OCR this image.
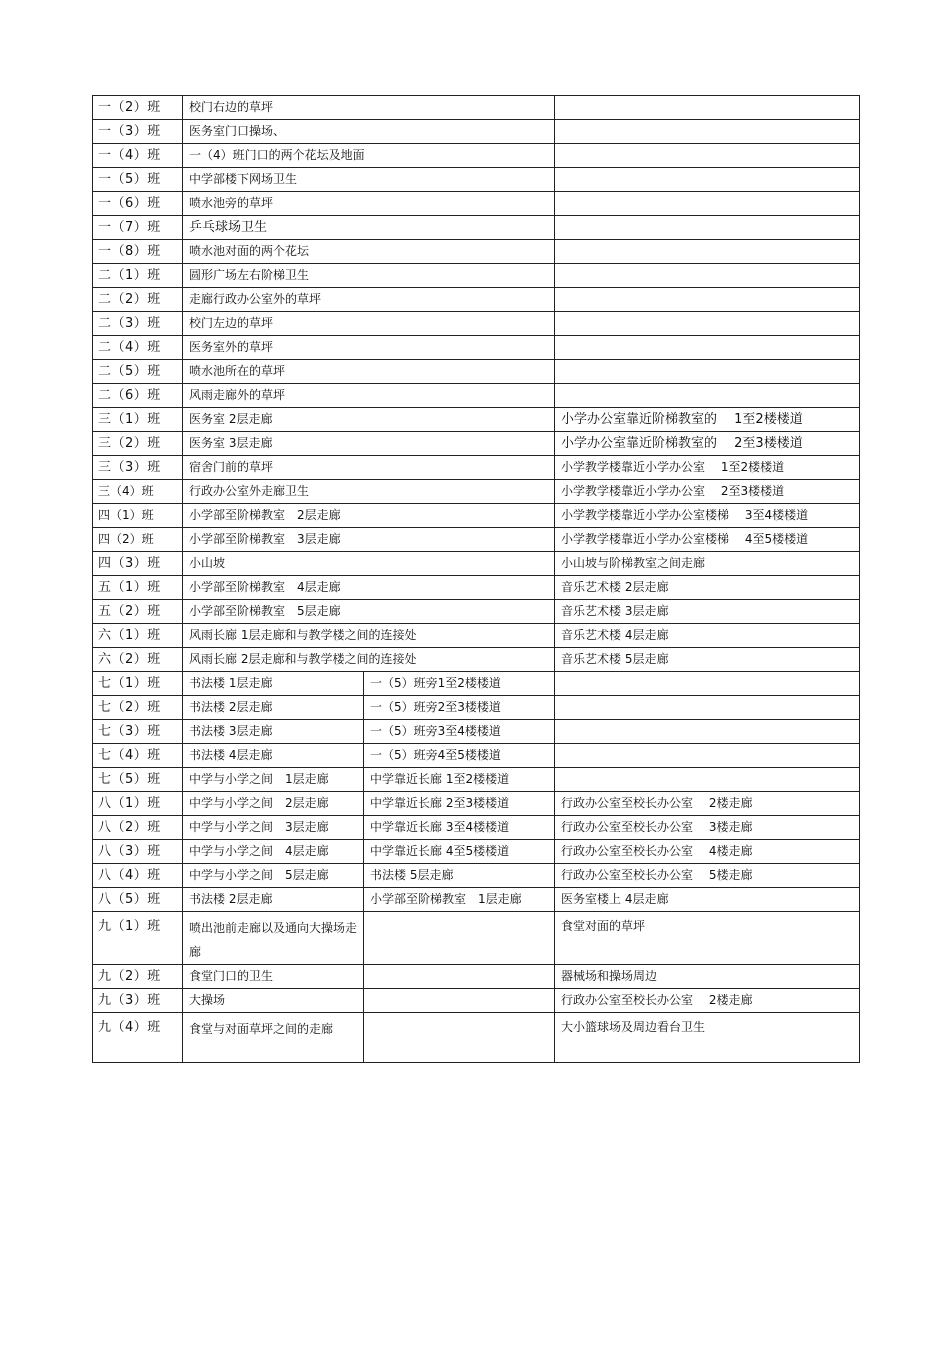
一（2）班	校门右边的草坪		
一（3）班	医务室门口操场、		
一（4）班	一（4）班门口的两个花坛及地面		
一（5）班	中学部楼下网场卫生		
一（6）班	喷水池旁的草坪		
一（7）班	乒乓球场卫生		
一（8）班	喷水池对面的两个花坛		
二（1）班	圆形广场左右阶梯卫生		
二（2）班	走廊行政办公室外的草坪		
二（3）班	校门左边的草坪		
二（4）班	医务室外的草坪		
二（5）班	喷水池所在的草坪		
二（6）班	风雨走廊外的草坪		
三（1）班	医务室 2层走廊		小学办公室靠近阶梯教室的　 1至2楼楼道
三（2）班	医务室 3层走廊		小学办公室靠近阶梯教室的　 2至3楼楼道
三（3）班	宿舍门前的草坪		小学教学楼靠近小学办公室　 1至2楼楼道
三（4）班	行政办公室外走廊卫生		小学教学楼靠近小学办公室　 2至3楼楼道
四（1）班	小学部至阶梯教室　2层走廊		小学教学楼靠近小学办公室楼梯　 3至4楼楼道
四（2）班	小学部至阶梯教室　3层走廊		小学教学楼靠近小学办公室楼梯　 4至5楼楼道
四（3）班	小山坡		小山坡与阶梯教室之间走廊
五（1）班	小学部至阶梯教室　4层走廊		音乐艺术楼 2层走廊
五（2）班	小学部至阶梯教室　5层走廊		音乐艺术楼 3层走廊
六（1）班	风雨长廊 1层走廊和与教学楼之间的连接处		音乐艺术楼 4层走廊
六（2）班	风雨长廊 2层走廊和与教学楼之间的连接处		音乐艺术楼 5层走廊
七（1）班	书法楼 1层走廊	一（5）班旁1至2楼楼道	
七（2）班	书法楼 2层走廊	一（5）班旁2至3楼楼道	
七（3）班	书法楼 3层走廊	一（5）班旁3至4楼楼道	
七（4）班	书法楼 4层走廊	一（5）班旁4至5楼楼道	
七（5）班	中学与小学之间　1层走廊	中学靠近长廊 1至2楼楼道	
八（1）班	中学与小学之间　2层走廊	中学靠近长廊 2至3楼楼道	行政办公室至校长办公室　 2楼走廊
八（2）班	中学与小学之间　3层走廊	中学靠近长廊 3至4楼楼道	行政办公室至校长办公室　 3楼走廊
八（3）班	中学与小学之间　4层走廊	中学靠近长廊 4至5楼楼道	行政办公室至校长办公室　 4楼走廊
八（4）班	中学与小学之间　5层走廊	书法楼 5层走廊	行政办公室至校长办公室　 5楼走廊
八（5）班	书法楼 2层走廊	小学部至阶梯教室　1层走廊	医务室楼上 4层走廊
九（1）班	喷出池前走廊以及通向大操场走廊		食堂对面的草坪
九（2）班	食堂门口的卫生		器械场和操场周边
九（3）班	大操场		行政办公室至校长办公室　 2楼走廊
九（4）班	食堂与对面草坪之间的走廊		大小篮球场及周边看台卫生
